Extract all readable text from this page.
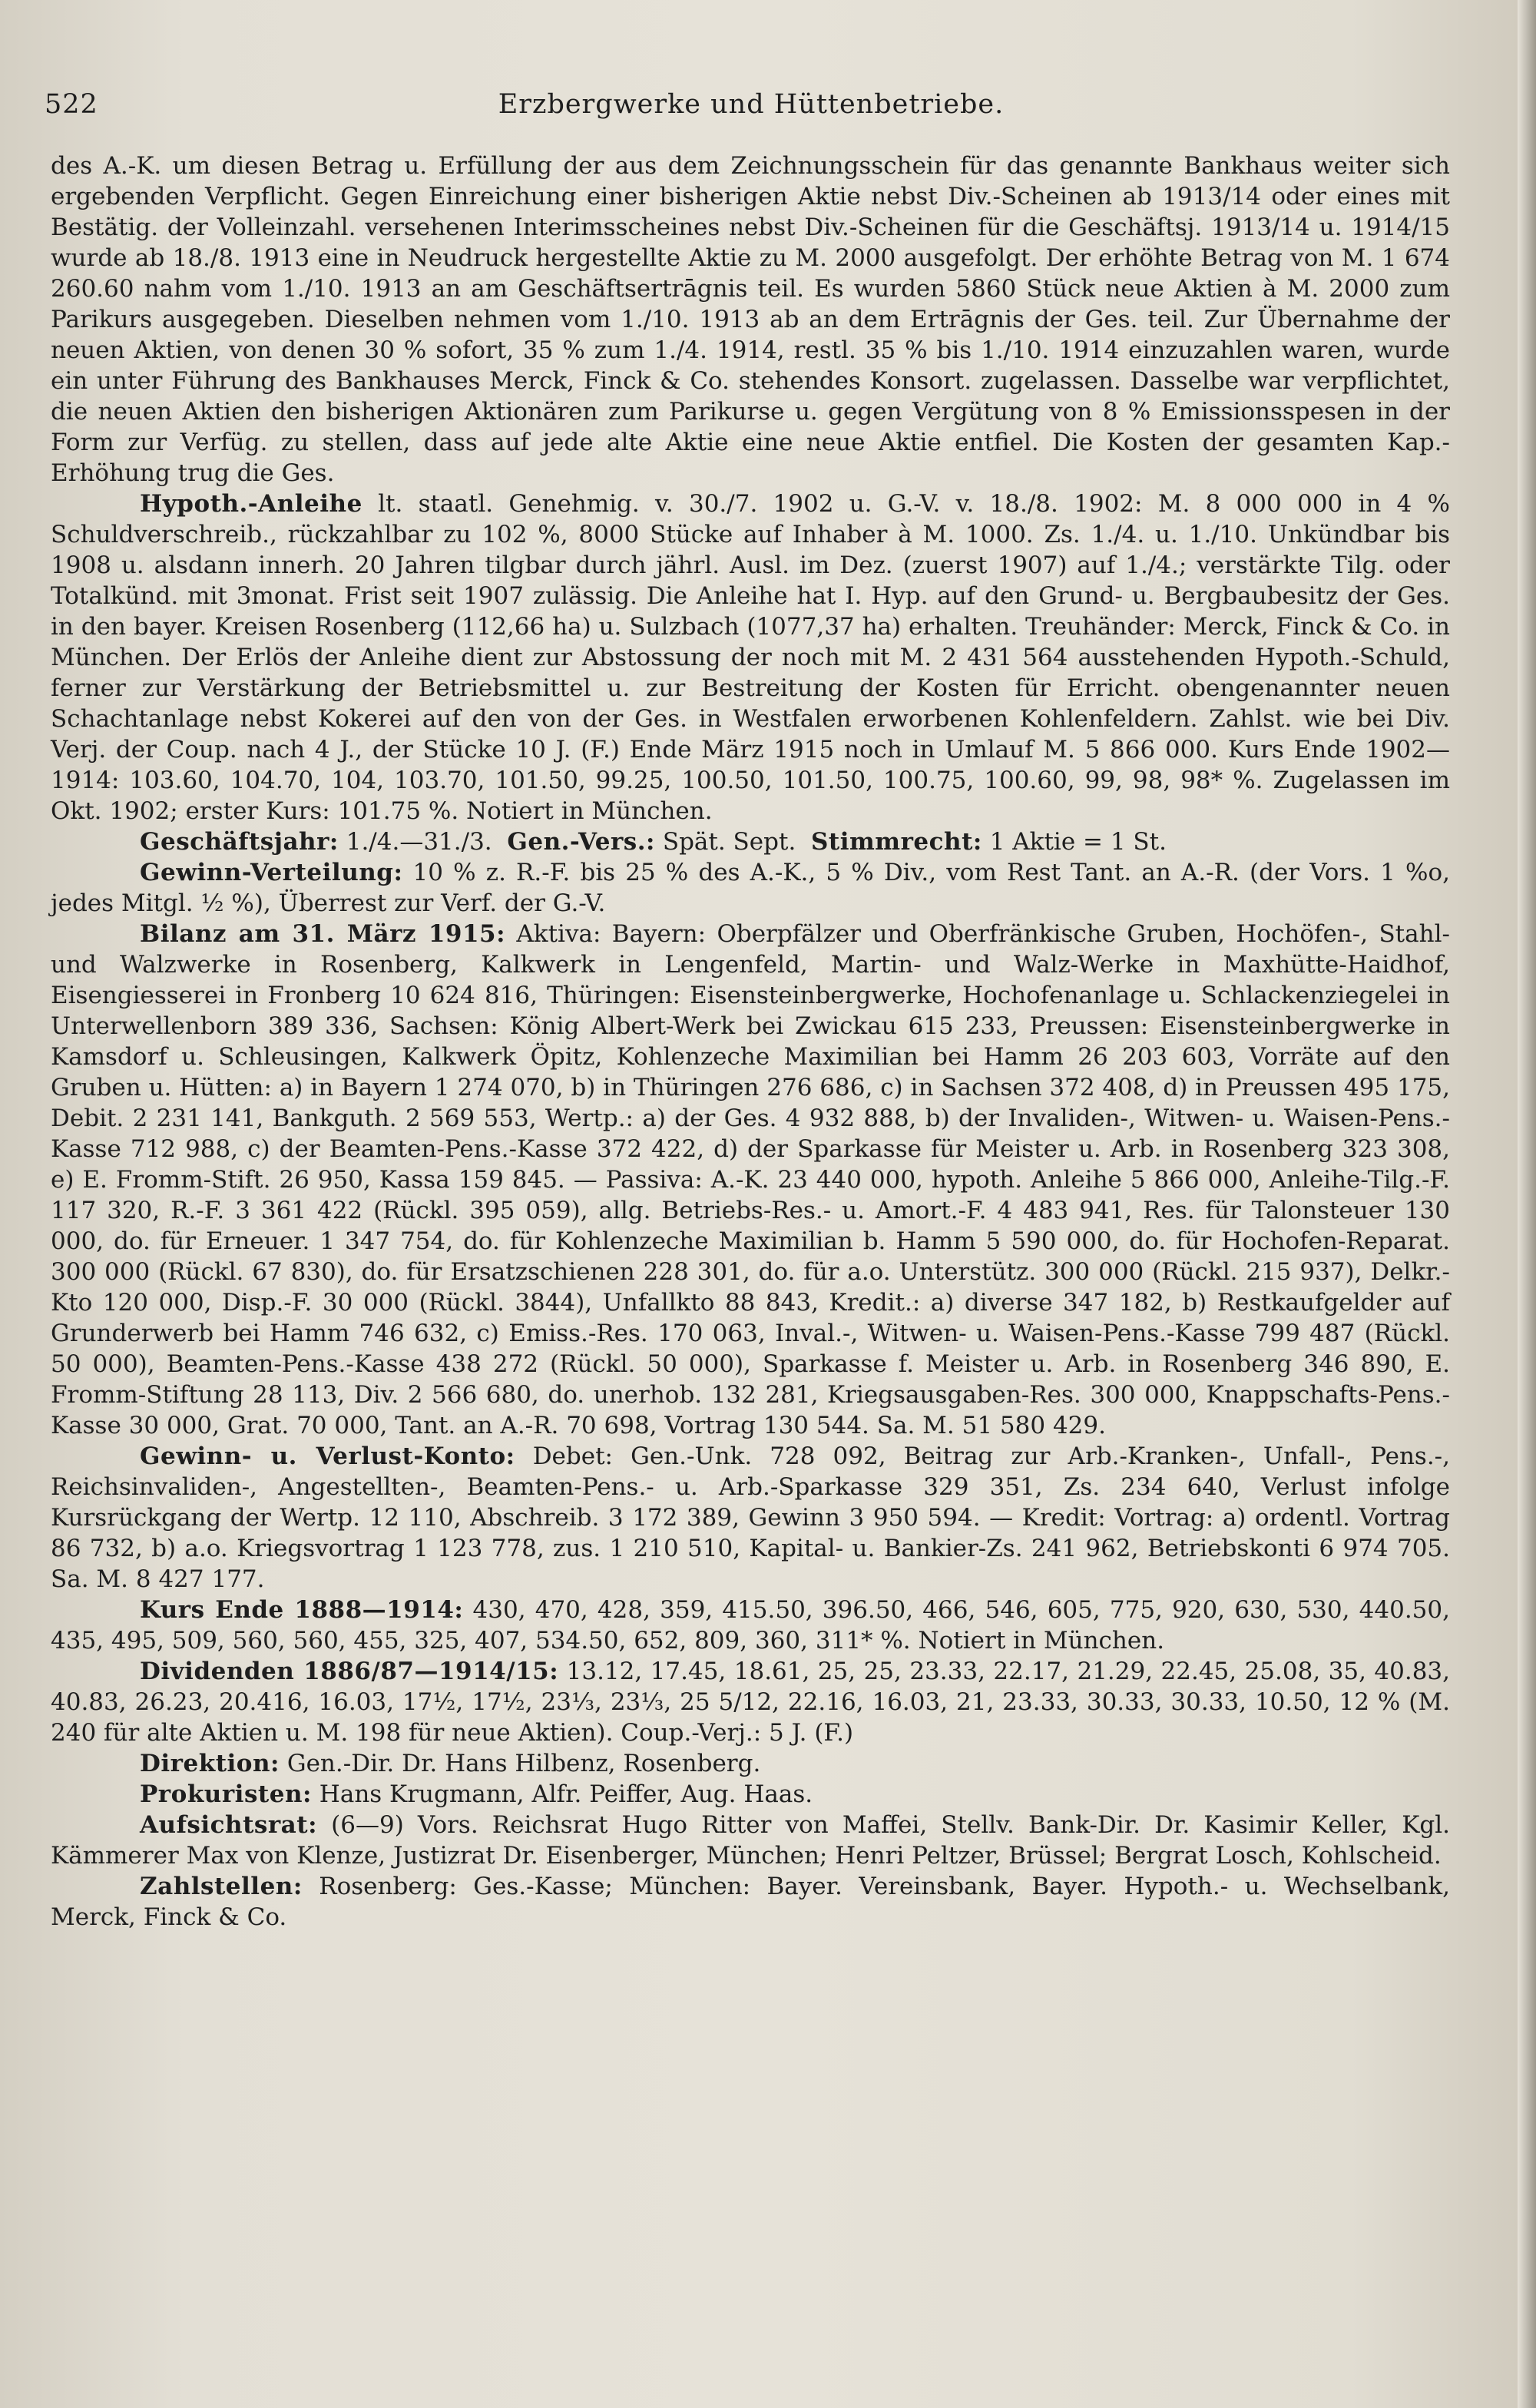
522	Erzbergwerke und Hüttenbetriebe.

des A.-K. um diesen Betrag u. Erfüllung der aus dem Zeichnungsschein für das genannte Bankhaus weiter sich ergebenden Verpflicht. Gegen Einreichung einer bisherigen Aktie nebst Div.-Scheinen ab 1913/14 oder eines mit Bestätig. der Volleinzahl. versehenen Interimsscheines nebst Div.-Scheinen für die Geschäftsj. 1913/14 u. 1914/15 wurde ab 18./8. 1913 eine in Neudruck hergestellte Aktie zu M. 2000 ausgefolgt. Der erhöhte Betrag von M. 1 674 260.60 nahm vom 1./10. 1913 an am Geschäftsertrāgnis teil. Es wurden 5860 Stück neue Aktien à M. 2000 zum Parikurs ausgegeben. Dieselben nehmen vom 1./10. 1913 ab an dem Ertrāgnis der Ges. teil. Zur Übernahme der neuen Aktien, von denen 30 % sofort, 35 % zum 1./4. 1914, restl. 35 % bis 1./10. 1914 einzuzahlen waren, wurde ein unter Führung des Bankhauses Merck, Finck & Co. stehendes Konsort. zugelassen. Dasselbe war verpflichtet, die neuen Aktien den bisherigen Aktionären zum Parikurse u. gegen Vergütung von 8 % Emissionsspesen in der Form zur Verfüg. zu stellen, dass auf jede alte Aktie eine neue Aktie entfiel. Die Kosten der gesamten Kap.-Erhöhung trug die Ges.

Hypoth.-Anleihe lt. staatl. Genehmig. v. 30./7. 1902 u. G.-V. v. 18./8. 1902: M. 8 000 000 in 4 % Schuldverschreib., rückzahlbar zu 102 %, 8000 Stücke auf Inhaber à M. 1000. Zs. 1./4. u. 1./10. Unkündbar bis 1908 u. alsdann innerh. 20 Jahren tilgbar durch jährl. Ausl. im Dez. (zuerst 1907) auf 1./4.; verstärkte Tilg. oder Totalkünd. mit 3monat. Frist seit 1907 zulässig. Die Anleihe hat I. Hyp. auf den Grund- u. Bergbaubesitz der Ges. in den bayer. Kreisen Rosenberg (112,66 ha) u. Sulzbach (1077,37 ha) erhalten. Treuhänder: Merck, Finck & Co. in München. Der Erlös der Anleihe dient zur Abstossung der noch mit M. 2 431 564 ausstehenden Hypoth.-Schuld, ferner zur Verstärkung der Betriebsmittel u. zur Bestreitung der Kosten für Erricht. obengenannter neuen Schachtanlage nebst Kokerei auf den von der Ges. in Westfalen erworbenen Kohlenfeldern. Zahlst. wie bei Div. Verj. der Coup. nach 4 J., der Stücke 10 J. (F.) Ende März 1915 noch in Umlauf M. 5 866 000. Kurs Ende 1902—1914: 103.60, 104.70, 104, 103.70, 101.50, 99.25, 100.50, 101.50, 100.75, 100.60, 99, 98, 98* %. Zugelassen im Okt. 1902; erster Kurs: 101.75 %. Notiert in München.

Geschäftsjahr: 1./4.—31./3. Gen.-Vers.: Spät. Sept. Stimmrecht: 1 Aktie = 1 St.

Gewinn-Verteilung: 10 % z. R.-F. bis 25 % des A.-K., 5 % Div., vom Rest Tant. an A.-R. (der Vors. 1 %o, jedes Mitgl. ½ %), Überrest zur Verf. der G.-V.

Bilanz am 31. März 1915: Aktiva: Bayern: Oberpfälzer und Oberfränkische Gruben, Hochöfen-, Stahl- und Walzwerke in Rosenberg, Kalkwerk in Lengenfeld, Martin- und Walz-Werke in Maxhütte-Haidhof, Eisengiesserei in Fronberg 10 624 816, Thüringen: Eisensteinbergwerke, Hochofenanlage u. Schlackenziegelei in Unterwellenborn 389 336, Sachsen: König Albert-Werk bei Zwickau 615 233, Preussen: Eisensteinbergwerke in Kamsdorf u. Schleusingen, Kalkwerk Öpitz, Kohlenzeche Maximilian bei Hamm 26 203 603, Vorräte auf den Gruben u. Hütten: a) in Bayern 1 274 070, b) in Thüringen 276 686, c) in Sachsen 372 408, d) in Preussen 495 175, Debit. 2 231 141, Bankguth. 2 569 553, Wertp.: a) der Ges. 4 932 888, b) der Invaliden-, Witwen- u. Waisen-Pens.-Kasse 712 988, c) der Beamten-Pens.-Kasse 372 422, d) der Sparkasse für Meister u. Arb. in Rosenberg 323 308, e) E. Fromm-Stift. 26 950, Kassa 159 845. — Passiva: A.-K. 23 440 000, hypoth. Anleihe 5 866 000, Anleihe-Tilg.-F. 117 320, R.-F. 3 361 422 (Rückl. 395 059), allg. Betriebs-Res.- u. Amort.-F. 4 483 941, Res. für Talonsteuer 130 000, do. für Erneuer. 1 347 754, do. für Kohlenzeche Maximilian b. Hamm 5 590 000, do. für Hochofen-Reparat. 300 000 (Rückl. 67 830), do. für Ersatzschienen 228 301, do. für a.o. Unterstütz. 300 000 (Rückl. 215 937), Delkr.-Kto 120 000, Disp.-F. 30 000 (Rückl. 3844), Unfallkto 88 843, Kredit.: a) diverse 347 182, b) Restkaufgelder auf Grunderwerb bei Hamm 746 632, c) Emiss.-Res. 170 063, Inval.-, Witwen- u. Waisen-Pens.-Kasse 799 487 (Rückl. 50 000), Beamten-Pens.-Kasse 438 272 (Rückl. 50 000), Sparkasse f. Meister u. Arb. in Rosenberg 346 890, E. Fromm-Stiftung 28 113, Div. 2 566 680, do. unerhob. 132 281, Kriegsausgaben-Res. 300 000, Knappschafts-Pens.-Kasse 30 000, Grat. 70 000, Tant. an A.-R. 70 698, Vortrag 130 544. Sa. M. 51 580 429.

Gewinn- u. Verlust-Konto: Debet: Gen.-Unk. 728 092, Beitrag zur Arb.-Kranken-, Unfall-, Pens.-, Reichsinvaliden-, Angestellten-, Beamten-Pens.- u. Arb.-Sparkasse 329 351, Zs. 234 640, Verlust infolge Kursrückgang der Wertp. 12 110, Abschreib. 3 172 389, Gewinn 3 950 594. — Kredit: Vortrag: a) ordentl. Vortrag 86 732, b) a.o. Kriegsvortrag 1 123 778, zus. 1 210 510, Kapital- u. Bankier-Zs. 241 962, Betriebskonti 6 974 705. Sa. M. 8 427 177.

Kurs Ende 1888—1914: 430, 470, 428, 359, 415.50, 396.50, 466, 546, 605, 775, 920, 630, 530, 440.50, 435, 495, 509, 560, 560, 455, 325, 407, 534.50, 652, 809, 360, 311* %. Notiert in München.

Dividenden 1886/87—1914/15: 13.12, 17.45, 18.61, 25, 25, 23.33, 22.17, 21.29, 22.45, 25.08, 35, 40.83, 40.83, 26.23, 20.416, 16.03, 17½, 17½, 23⅓, 23⅓, 25 5/12, 22.16, 16.03, 21, 23.33, 30.33, 30.33, 10.50, 12 % (M. 240 für alte Aktien u. M. 198 für neue Aktien). Coup.-Verj.: 5 J. (F.)

Direktion: Gen.-Dir. Dr. Hans Hilbenz, Rosenberg.

Prokuristen: Hans Krugmann, Alfr. Peiffer, Aug. Haas.

Aufsichtsrat: (6—9) Vors. Reichsrat Hugo Ritter von Maffei, Stellv. Bank-Dir. Dr. Kasimir Keller, Kgl. Kämmerer Max von Klenze, Justizrat Dr. Eisenberger, München; Henri Peltzer, Brüssel; Bergrat Losch, Kohlscheid.

Zahlstellen: Rosenberg: Ges.-Kasse; München: Bayer. Vereinsbank, Bayer. Hypoth.- u. Wechselbank, Merck, Finck & Co.
